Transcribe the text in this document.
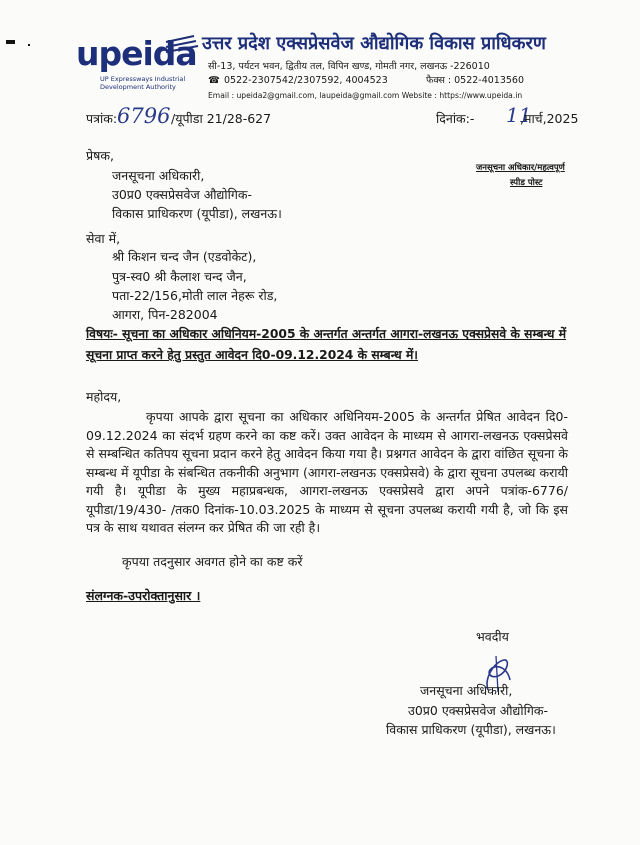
upeida
UP Expressways Industrial
Development Authority
उत्तर प्रदेश एक्सप्रेसवेज औद्योगिक विकास प्राधिकरण
सी-13, पर्यटन भवन, द्वितीय तल, विपिन खण्ड, गोमती नगर, लखनऊ -226010
☎ 0522-2307542/2307592, 4004523	फैक्स : 0522-4013560
Email : upeida2@gmail.com, laupeida@gmail.com Website : https://www.upeida.in
पत्रांक: 6796 /यूपीडा 21/28-627	दिनांक:- 11
,मार्च,2025
प्रेषक,
जनसूचना अधिकारी,
उ0प्र0 एक्सप्रेसवेज औद्योगिक-
विकास प्राधिकरण (यूपीडा), लखनऊ।
जनसूचना अधिकार/महत्वपूर्ण
स्पीड पोस्ट
सेवा में,
श्री किशन चन्द जैन (एडवोकेट),
पुत्र-स्व0 श्री कैलाश चन्द जैन,
पता-22/156,मोती लाल नेहरू रोड,
आगरा, पिन-282004
विषयः- सूचना का अधिकार अधिनियम-2005 के अन्तर्गत अन्तर्गत आगरा-लखनऊ एक्सप्रेसवे के सम्बन्ध में
सूचना प्राप्त करने हेतु प्रस्तुत आवेदन दि0-09.12.2024 के सम्बन्ध में।
महोदय,
कृपया आपके द्वारा सूचना का अधिकार अधिनियम-2005 के अन्तर्गत प्रेषित आवेदन दि0-09.12.2024 का संदर्भ ग्रहण करने का कष्ट करें। उक्त आवेदन के माध्यम से आगरा-लखनऊ एक्सप्रेसवे से सम्बन्धित कतिपय सूचना प्रदान करने हेतु आवेदन किया गया है। प्रश्नगत आवेदन के द्वारा वांछित सूचना के सम्बन्ध में यूपीडा के संबन्धित तकनीकी अनुभाग (आगरा-लखनऊ एक्सप्रेसवे) के द्वारा सूचना उपलब्ध करायी गयी है। यूपीडा के मुख्य महाप्रबन्धक, आगरा-लखनऊ एक्सप्रेसवे द्वारा अपने पत्रांक-6776/यूपीडा/19/430- /तक0 दिनांक-10.03.2025 के माध्यम से सूचना उपलब्ध करायी गयी है, जो कि इस पत्र के साथ यथावत संलग्न कर प्रेषित की जा रही है।
कृपया तदनुसार अवगत होने का कष्ट करें
संलग्नक-उपरोक्तानुसार ।
भवदीय
जनसूचना अधिकारी,
उ0प्र0 एक्सप्रेसवेज औद्योगिक-
विकास प्राधिकरण (यूपीडा), लखनऊ।
